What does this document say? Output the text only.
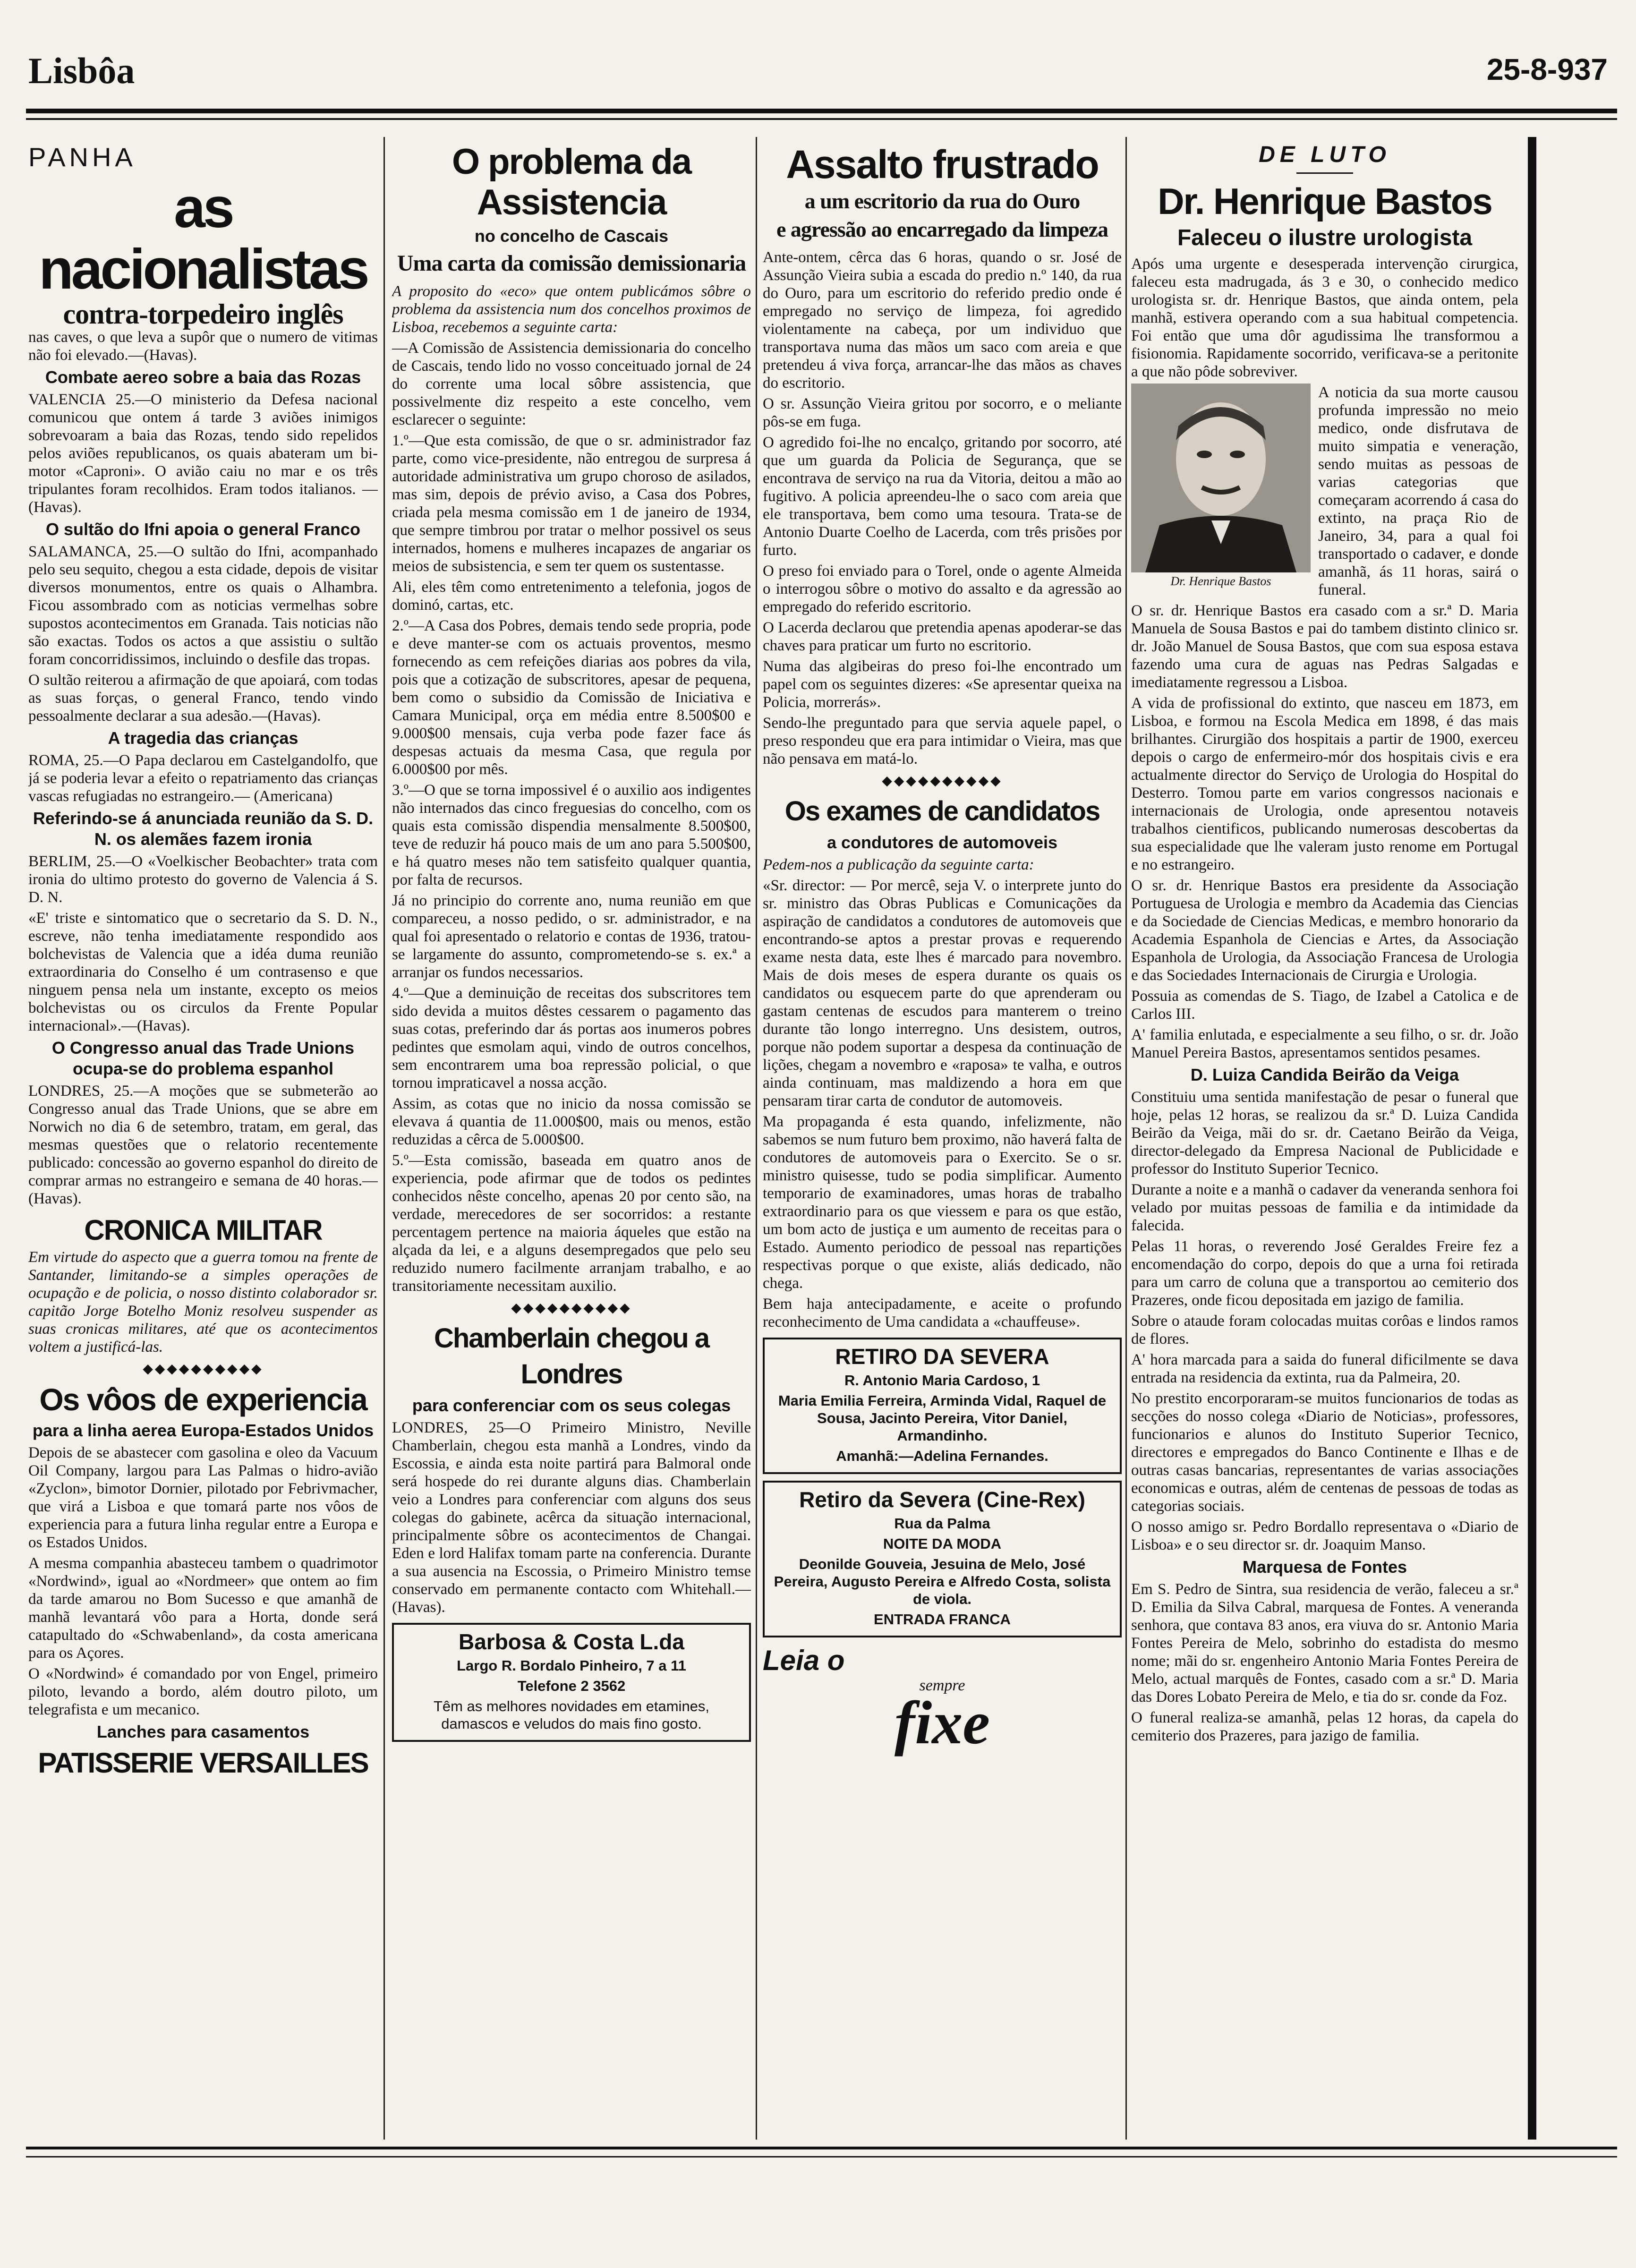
Lisbôa	25-8-937
PANHA
as nacionalistas
contra-torpedeiro inglês

nas caves, o que leva a supôr que o numero de vitimas não foi elevado.—(Havas).

Combate aereo sobre a baia das Rozas

VALENCIA 25.—O ministerio da Defesa nacional comunicou que ontem á tarde 3 aviões inimigos sobrevoaram a baia das Rozas, tendo sido repelidos pelos aviões republicanos, os quais abateram um bi-motor «Caproni». O avião caiu no mar e os três tripulantes foram recolhidos. Eram todos italianos. —(Havas).

O sultão do Ifni apoia o general Franco

SALAMANCA, 25.—O sultão do Ifni, acompanhado pelo seu sequito, chegou a esta cidade, depois de visitar diversos monumentos, entre os quais o Alhambra. Ficou assombrado com as noticias vermelhas sobre supostos acontecimentos em Granada. Tais noticias não são exactas. Todos os actos a que assistiu o sultão foram concorridissimos, incluindo o desfile das tropas.

O sultão reiterou a afirmação de que apoiará, com todas as suas forças, o general Franco, tendo vindo pessoalmente declarar a sua adesão.—(Havas).

A tragedia das crianças

ROMA, 25.—O Papa declarou em Castelgandolfo, que já se poderia levar a efeito o repatriamento das crianças vascas refugiadas no estrangeiro.— (Americana)

Referindo-se á anunciada reunião da S. D. N. os alemães fazem ironia

BERLIM, 25.—O «Voelkischer Beobachter» trata com ironia do ultimo protesto do governo de Valencia á S. D. N.

«E' triste e sintomatico que o secretario da S. D. N., escreve, não tenha imediatamente respondido aos bolchevistas de Valencia que a idéa duma reunião extraordinaria do Conselho é um contrasenso e que ninguem pensa nela um instante, excepto os meios bolchevistas ou os circulos da Frente Popular internacional».—(Havas).

O Congresso anual das Trade Unions ocupa-se do problema espanhol

LONDRES, 25.—A moções que se submeterão ao Congresso anual das Trade Unions, que se abre em Norwich no dia 6 de setembro, tratam, em geral, das mesmas questões que o relatorio recentemente publicado: concessão ao governo espanhol do direito de comprar armas no estrangeiro e semana de 40 horas.—(Havas).

CRONICA MILITAR

Em virtude do aspecto que a guerra tomou na frente de Santander, limitando-se a simples operações de ocupação e de policia, o nosso distinto colaborador sr. capitão Jorge Botelho Moniz resolveu suspender as suas cronicas militares, até que os acontecimentos voltem a justificá-las.

◆◆◆◆◆◆◆◆◆◆
Os vôos de experiencia
para a linha aerea Europa-Estados Unidos

Depois de se abastecer com gasolina e oleo da Vacuum Oil Company, largou para Las Palmas o hidro-avião «Zyclon», bimotor Dornier, pilotado por Febrivmacher, que virá a Lisboa e que tomará parte nos vôos de experiencia para a futura linha regular entre a Europa e os Estados Unidos.

A mesma companhia abasteceu tambem o quadrimotor «Nordwind», igual ao «Nordmeer» que ontem ao fim da tarde amarou no Bom Sucesso e que amanhã de manhã levantará vôo para a Horta, donde será catapultado do «Schwabenland», da costa americana para os Açores.

O «Nordwind» é comandado por von Engel, primeiro piloto, levando a bordo, além doutro piloto, um telegrafista e um mecanico.

Lanches para casamentos
PATISSERIE VERSAILLES
O problema da Assistencia
no concelho de Cascais
Uma carta da comissão demissionaria

A proposito do «eco» que ontem publicámos sôbre o problema da assistencia num dos concelhos proximos de Lisboa, recebemos a seguinte carta:

—A Comissão de Assistencia demissionaria do concelho de Cascais, tendo lido no vosso conceituado jornal de 24 do corrente uma local sôbre assistencia, que possivelmente diz respeito a este concelho, vem esclarecer o seguinte:

1.º—Que esta comissão, de que o sr. administrador faz parte, como vice-presidente, não entregou de surpresa á autoridade administrativa um grupo choroso de asilados, mas sim, depois de prévio aviso, a Casa dos Pobres, criada pela mesma comissão em 1 de janeiro de 1934, que sempre timbrou por tratar o melhor possivel os seus internados, homens e mulheres incapazes de angariar os meios de subsistencia, e sem ter quem os sustentasse.

Ali, eles têm como entretenimento a telefonia, jogos de dominó, cartas, etc.

2.º—A Casa dos Pobres, demais tendo sede propria, pode e deve manter-se com os actuais proventos, mesmo fornecendo as cem refeições diarias aos pobres da vila, pois que a cotização de subscritores, apesar de pequena, bem como o subsidio da Comissão de Iniciativa e Camara Municipal, orça em média entre 8.500$00 e 9.000$00 mensais, cuja verba pode fazer face ás despesas actuais da mesma Casa, que regula por 6.000$00 por mês.

3.º—O que se torna impossivel é o auxilio aos indigentes não internados das cinco freguesias do concelho, com os quais esta comissão dispendia mensalmente 8.500$00, teve de reduzir há pouco mais de um ano para 5.500$00, e há quatro meses não tem satisfeito qualquer quantia, por falta de recursos.

Já no principio do corrente ano, numa reunião em que compareceu, a nosso pedido, o sr. administrador, e na qual foi apresentado o relatorio e contas de 1936, tratou-se largamente do assunto, comprometendo-se s. ex.ª a arranjar os fundos necessarios.

4.º—Que a deminuição de receitas dos subscritores tem sido devida a muitos dêstes cessarem o pagamento das suas cotas, preferindo dar ás portas aos inumeros pobres pedintes que esmolam aqui, vindo de outros concelhos, sem encontrarem uma boa repressão policial, o que tornou impraticavel a nossa acção.

Assim, as cotas que no inicio da nossa comissão se elevava á quantia de 11.000$00, mais ou menos, estão reduzidas a cêrca de 5.000$00.

5.º—Esta comissão, baseada em quatro anos de experiencia, pode afirmar que de todos os pedintes conhecidos nêste concelho, apenas 20 por cento são, na verdade, merecedores de ser socorridos: a restante percentagem pertence na maioria áqueles que estão na alçada da lei, e a alguns desempregados que pelo seu reduzido numero facilmente arranjam trabalho, e ao transitoriamente necessitam auxilio.

◆◆◆◆◆◆◆◆◆◆
Chamberlain chegou a Londres
para conferenciar com os seus colegas

LONDRES, 25—O Primeiro Ministro, Neville Chamberlain, chegou esta manhã a Londres, vindo da Escossia, e ainda esta noite partirá para Balmoral onde será hospede do rei durante alguns dias. Chamberlain veio a Londres para conferenciar com alguns dos seus colegas do gabinete, acêrca da situação internacional, principalmente sôbre os acontecimentos de Changai. Eden e lord Halifax tomam parte na conferencia. Durante a sua ausencia na Escossia, o Primeiro Ministro temse conservado em permanente contacto com Whitehall.—(Havas).

Barbosa & Costa L.da

Largo R. Bordalo Pinheiro, 7 a 11

Telefone 2 3562

Têm as melhores novidades em etamines, damascos e veludos do mais fino gosto.

Assalto frustrado
a um escritorio da rua do Ouro
e agressão ao encarregado da limpeza

Ante-ontem, cêrca das 6 horas, quando o sr. José de Assunção Vieira subia a escada do predio n.º 140, da rua do Ouro, para um escritorio do referido predio onde é empregado no serviço de limpeza, foi agredido violentamente na cabeça, por um individuo que transportava numa das mãos um saco com areia e que pretendeu á viva força, arrancar-lhe das mãos as chaves do escritorio.

O sr. Assunção Vieira gritou por socorro, e o meliante pôs-se em fuga.

O agredido foi-lhe no encalço, gritando por socorro, até que um guarda da Policia de Segurança, que se encontrava de serviço na rua da Vitoria, deitou a mão ao fugitivo. A policia apreendeu-lhe o saco com areia que ele transportava, bem como uma tesoura. Trata-se de Antonio Duarte Coelho de Lacerda, com três prisões por furto.

O preso foi enviado para o Torel, onde o agente Almeida o interrogou sôbre o motivo do assalto e da agressão ao empregado do referido escritorio.

O Lacerda declarou que pretendia apenas apoderar-se das chaves para praticar um furto no escritorio.

Numa das algibeiras do preso foi-lhe encontrado um papel com os seguintes dizeres: «Se apresentar queixa na Policia, morrerás».

Sendo-lhe preguntado para que servia aquele papel, o preso respondeu que era para intimidar o Vieira, mas que não pensava em matá-lo.

◆◆◆◆◆◆◆◆◆◆
Os exames de candidatos
a condutores de automoveis

Pedem-nos a publicação da seguinte carta:

«Sr. director: — Por mercê, seja V. o interprete junto do sr. ministro das Obras Publicas e Comunicações da aspiração de candidatos a condutores de automoveis que encontrando-se aptos a prestar provas e requerendo exame nesta data, este lhes é marcado para novembro. Mais de dois meses de espera durante os quais os candidatos ou esquecem parte do que aprenderam ou gastam centenas de escudos para manterem o treino durante tão longo interregno. Uns desistem, outros, porque não podem suportar a despesa da continuação de lições, chegam a novembro e «raposa» te valha, e outros ainda continuam, mas maldizendo a hora em que pensaram tirar carta de condutor de automoveis.

Ma propaganda é esta quando, infelizmente, não sabemos se num futuro bem proximo, não haverá falta de condutores de automoveis para o Exercito. Se o sr. ministro quisesse, tudo se podia simplificar. Aumento temporario de examinadores, umas horas de trabalho extraordinario para os que viessem e para os que estão, um bom acto de justiça e um aumento de receitas para o Estado. Aumento periodico de pessoal nas repartições respectivas porque o que existe, aliás dedicado, não chega.

Bem haja antecipadamente, e aceite o profundo reconhecimento de Uma candidata a «chauffeuse».

RETIRO DA SEVERA

R. Antonio Maria Cardoso, 1

Maria Emilia Ferreira, Arminda Vidal, Raquel de Sousa, Jacinto Pereira, Vitor Daniel, Armandinho.

Amanhã:—Adelina Fernandes.

Retiro da Severa (Cine-Rex)

Rua da Palma

NOITE DA MODA

Deonilde Gouveia, Jesuina de Melo, José Pereira, Augusto Pereira e Alfredo Costa, solista de viola.

ENTRADA FRANCA

Leia o
sempre
fixe
DE LUTO
Dr. Henrique Bastos
Faleceu o ilustre urologista

Após uma urgente e desesperada intervenção cirurgica, faleceu esta madrugada, ás 3 e 30, o conhecido medico urologista sr. dr. Henrique Bastos, que ainda ontem, pela manhã, estivera operando com a sua habitual competencia. Foi então que uma dôr agudissima lhe transformou a fisionomia. Rapidamente socorrido, verificava-se a peritonite a que não pôde sobreviver.

Dr. Henrique Bastos

A noticia da sua morte causou profunda impressão no meio medico, onde disfrutava de muito simpatia e veneração, sendo muitas as pessoas de varias categorias que começaram acorrendo á casa do extinto, na praça Rio de Janeiro, 34, para a qual foi transportado o cadaver, e donde amanhã, ás 11 horas, sairá o funeral.

O sr. dr. Henrique Bastos era casado com a sr.ª D. Maria Manuela de Sousa Bastos e pai do tambem distinto clinico sr. dr. João Manuel de Sousa Bastos, que com sua esposa estava fazendo uma cura de aguas nas Pedras Salgadas e imediatamente regressou a Lisboa.

A vida de profissional do extinto, que nasceu em 1873, em Lisboa, e formou na Escola Medica em 1898, é das mais brilhantes. Cirurgião dos hospitais a partir de 1900, exerceu depois o cargo de enfermeiro-mór dos hospitais civis e era actualmente director do Serviço de Urologia do Hospital do Desterro. Tomou parte em varios congressos nacionais e internacionais de Urologia, onde apresentou notaveis trabalhos cientificos, publicando numerosas descobertas da sua especialidade que lhe valeram justo renome em Portugal e no estrangeiro.

O sr. dr. Henrique Bastos era presidente da Associação Portuguesa de Urologia e membro da Academia das Ciencias e da Sociedade de Ciencias Medicas, e membro honorario da Academia Espanhola de Ciencias e Artes, da Associação Espanhola de Urologia, da Associação Francesa de Urologia e das Sociedades Internacionais de Cirurgia e Urologia.

Possuia as comendas de S. Tiago, de Izabel a Catolica e de Carlos III.

A' familia enlutada, e especialmente a seu filho, o sr. dr. João Manuel Pereira Bastos, apresentamos sentidos pesames.

D. Luiza Candida Beirão da Veiga

Constituiu uma sentida manifestação de pesar o funeral que hoje, pelas 12 horas, se realizou da sr.ª D. Luiza Candida Beirão da Veiga, mãi do sr. dr. Caetano Beirão da Veiga, director-delegado da Empresa Nacional de Publicidade e professor do Instituto Superior Tecnico.

Durante a noite e a manhã o cadaver da veneranda senhora foi velado por muitas pessoas de familia e da intimidade da falecida.

Pelas 11 horas, o reverendo José Geraldes Freire fez a encomendação do corpo, depois do que a urna foi retirada para um carro de coluna que a transportou ao cemiterio dos Prazeres, onde ficou depositada em jazigo de familia.

Sobre o ataude foram colocadas muitas corôas e lindos ramos de flores.

A' hora marcada para a saida do funeral dificilmente se dava entrada na residencia da extinta, rua da Palmeira, 20.

No prestito encorporaram-se muitos funcionarios de todas as secções do nosso colega «Diario de Noticias», professores, funcionarios e alunos do Instituto Superior Tecnico, directores e empregados do Banco Continente e Ilhas e de outras casas bancarias, representantes de varias associações economicas e outras, além de centenas de pessoas de todas as categorias sociais.

O nosso amigo sr. Pedro Bordallo representava o «Diario de Lisboa» e o seu director sr. dr. Joaquim Manso.

Marquesa de Fontes

Em S. Pedro de Sintra, sua residencia de verão, faleceu a sr.ª D. Emilia da Silva Cabral, marquesa de Fontes. A veneranda senhora, que contava 83 anos, era viuva do sr. Antonio Maria Fontes Pereira de Melo, sobrinho do estadista do mesmo nome; mãi do sr. engenheiro Antonio Maria Fontes Pereira de Melo, actual marquês de Fontes, casado com a sr.ª D. Maria das Dores Lobato Pereira de Melo, e tia do sr. conde da Foz.

O funeral realiza-se amanhã, pelas 12 horas, da capela do cemiterio dos Prazeres, para jazigo de familia.
